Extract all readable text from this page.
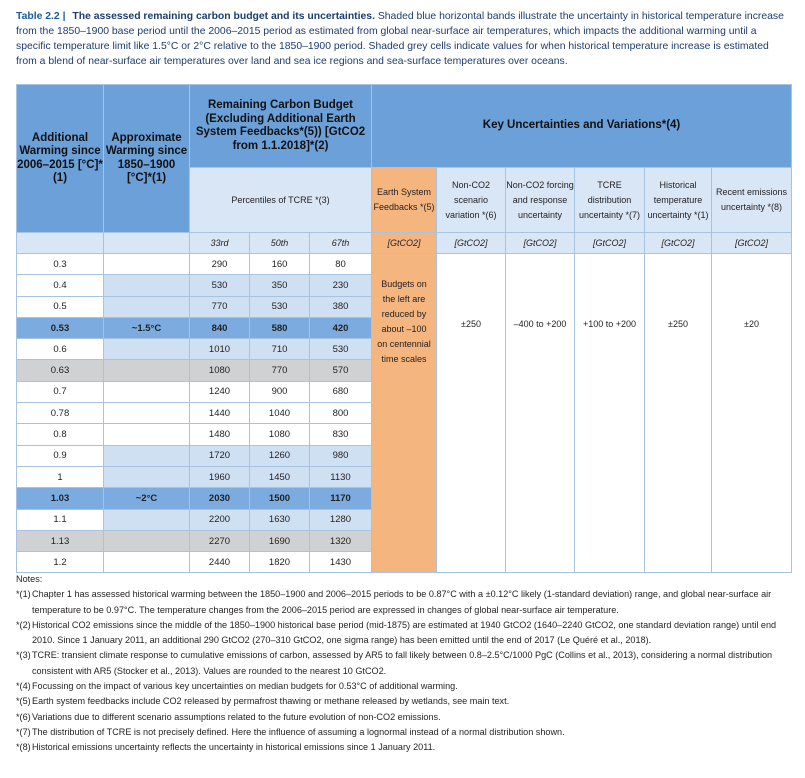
Table 2.2 | The assessed remaining carbon budget and its uncertainties. Shaded blue horizontal bands illustrate the uncertainty in historical temperature increase from the 1850–1900 base period until the 2006–2015 period as estimated from global near-surface air temperatures, which impacts the additional warming until a specific temperature limit like 1.5°C or 2°C relative to the 1850–1900 period. Shaded grey cells indicate values for when historical temperature increase is estimated from a blend of near-surface air temperatures over land and sea ice regions and sea-surface temperatures over oceans.
Additional Warming since 2006–2015 [°C]*(1)	Approximate Warming since 1850–1900 [°C]*(1)	Remaining Carbon Budget (Excluding Additional Earth System Feedbacks*(5)) [GtCO2 from 1.1.2018]*(2)			Key Uncertainties and Variations*(4)					
		Percentiles of TCRE *(3)			Earth System Feedbacks *(5)	Non-CO2 scenario variation *(6)	Non-CO2 forcing and response uncertainty	TCRE distribution uncertainty *(7)	Historical temperature uncertainty *(1)	Recent emissions uncertainty *(8)
		33rd	50th	67th	[GtCO2]	[GtCO2]	[GtCO2]	[GtCO2]	[GtCO2]	[GtCO2]
0.3		290	160	80	Budgets on the left are reduced by about –100 on centennial time scales	±250	–400 to +200	+100 to +200	±250	±20
0.4		530	350	230						
0.5		770	530	380						
0.53	~1.5°C	840	580	420						
0.6		1010	710	530						
0.63		1080	770	570						
0.7		1240	900	680						
0.78		1440	1040	800						
0.8		1480	1080	830						
0.9		1720	1260	980						
1		1960	1450	1130						
1.03	~2°C	2030	1500	1170						
1.1		2200	1630	1280						
1.13		2270	1690	1320						
1.2		2440	1820	1430						
Notes:
*(1) Chapter 1 has assessed historical warming between the 1850–1900 and 2006–2015 periods to be 0.87°C with a ±0.12°C likely (1-standard deviation) range, and global near-surface air temperature to be 0.97°C. The temperature changes from the 2006–2015 period are expressed in changes of global near-surface air temperature.
*(2) Historical CO2 emissions since the middle of the 1850–1900 historical base period (mid-1875) are estimated at 1940 GtCO2 (1640–2240 GtCO2, one standard deviation range) until end 2010. Since 1 January 2011, an additional 290 GtCO2 (270–310 GtCO2, one sigma range) has been emitted until the end of 2017 (Le Quéré et al., 2018).
*(3) TCRE: transient climate response to cumulative emissions of carbon, assessed by AR5 to fall likely between 0.8–2.5°C/1000 PgC (Collins et al., 2013), considering a normal distribution consistent with AR5 (Stocker et al., 2013). Values are rounded to the nearest 10 GtCO2.
*(4) Focussing on the impact of various key uncertainties on median budgets for 0.53°C of additional warming.
*(5) Earth system feedbacks include CO2 released by permafrost thawing or methane released by wetlands, see main text.
*(6) Variations due to different scenario assumptions related to the future evolution of non-CO2 emissions.
*(7) The distribution of TCRE is not precisely defined. Here the influence of assuming a lognormal instead of a normal distribution shown.
*(8) Historical emissions uncertainty reflects the uncertainty in historical emissions since 1 January 2011.
